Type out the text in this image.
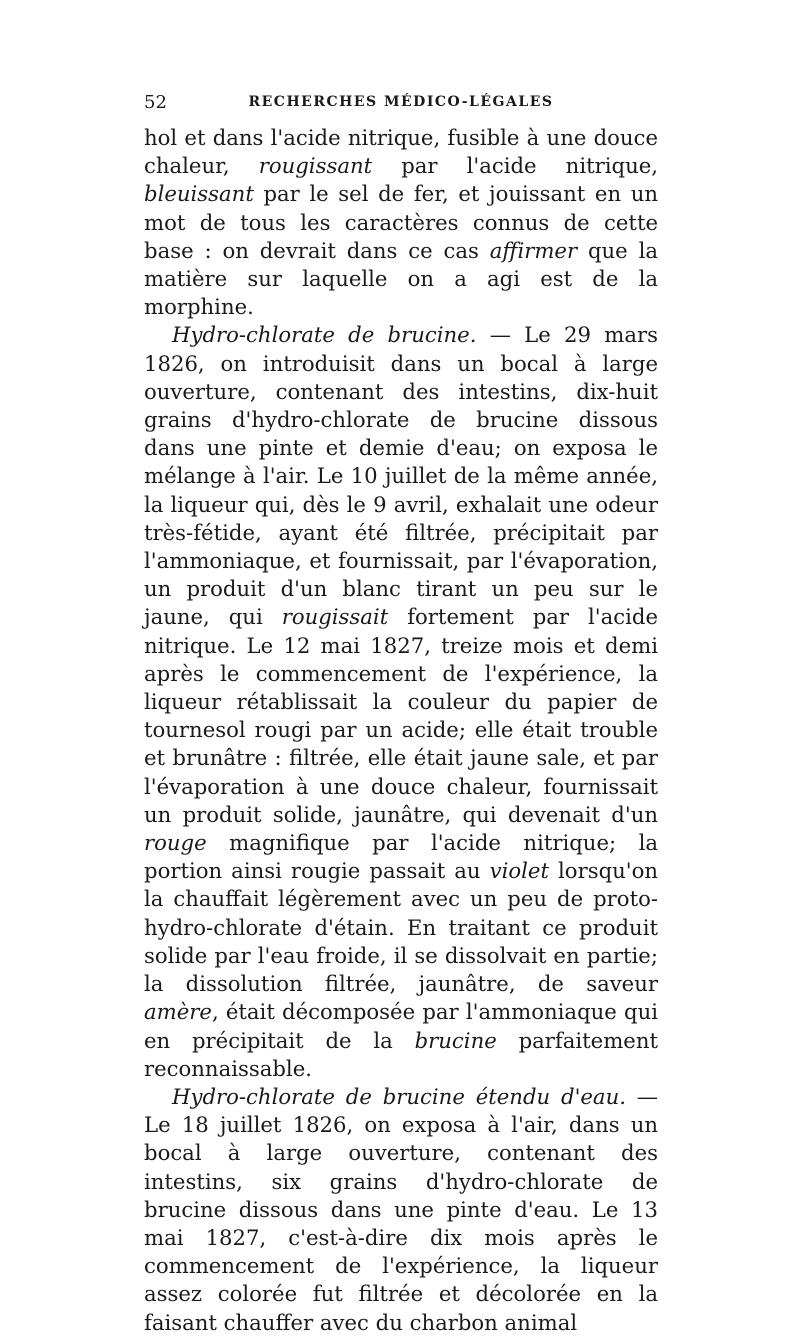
52	RECHERCHES MÉDICO-LÉGALES

hol et dans l'acide nitrique, fusible à une douce chaleur, rougissant par l'acide nitrique, bleuissant par le sel de fer, et jouissant en un mot de tous les caractères connus de cette base : on devrait dans ce cas affirmer que la matière sur laquelle on a agi est de la morphine.

Hydro-chlorate de brucine. — Le 29 mars 1826, on introduisit dans un bocal à large ouverture, contenant des intestins, dix-huit grains d'hydro-chlorate de brucine dissous dans une pinte et demie d'eau; on exposa le mélange à l'air. Le 10 juillet de la même année, la liqueur qui, dès le 9 avril, exhalait une odeur très-fétide, ayant été filtrée, précipitait par l'ammoniaque, et fournissait, par l'évaporation, un produit d'un blanc tirant un peu sur le jaune, qui rougissait fortement par l'acide nitrique. Le 12 mai 1827, treize mois et demi après le commencement de l'expérience, la liqueur rétablissait la couleur du papier de tournesol rougi par un acide; elle était trouble et brunâtre : filtrée, elle était jaune sale, et par l'évaporation à une douce chaleur, fournissait un produit solide, jaunâtre, qui devenait d'un rouge magnifique par l'acide nitrique; la portion ainsi rougie passait au violet lorsqu'on la chauffait légèrement avec un peu de proto-hydro-chlorate d'étain. En traitant ce produit solide par l'eau froide, il se dissolvait en partie; la dissolution filtrée, jaunâtre, de saveur amère, était décomposée par l'ammoniaque qui en précipitait de la brucine parfaitement reconnaissable.

Hydro-chlorate de brucine étendu d'eau. — Le 18 juillet 1826, on exposa à l'air, dans un bocal à large ouverture, contenant des intestins, six grains d'hydro-chlorate de brucine dissous dans une pinte d'eau. Le 13 mai 1827, c'est-à-dire dix mois après le commencement de l'expérience, la liqueur assez colorée fut filtrée et décolorée en la faisant chauffer avec du charbon animal
